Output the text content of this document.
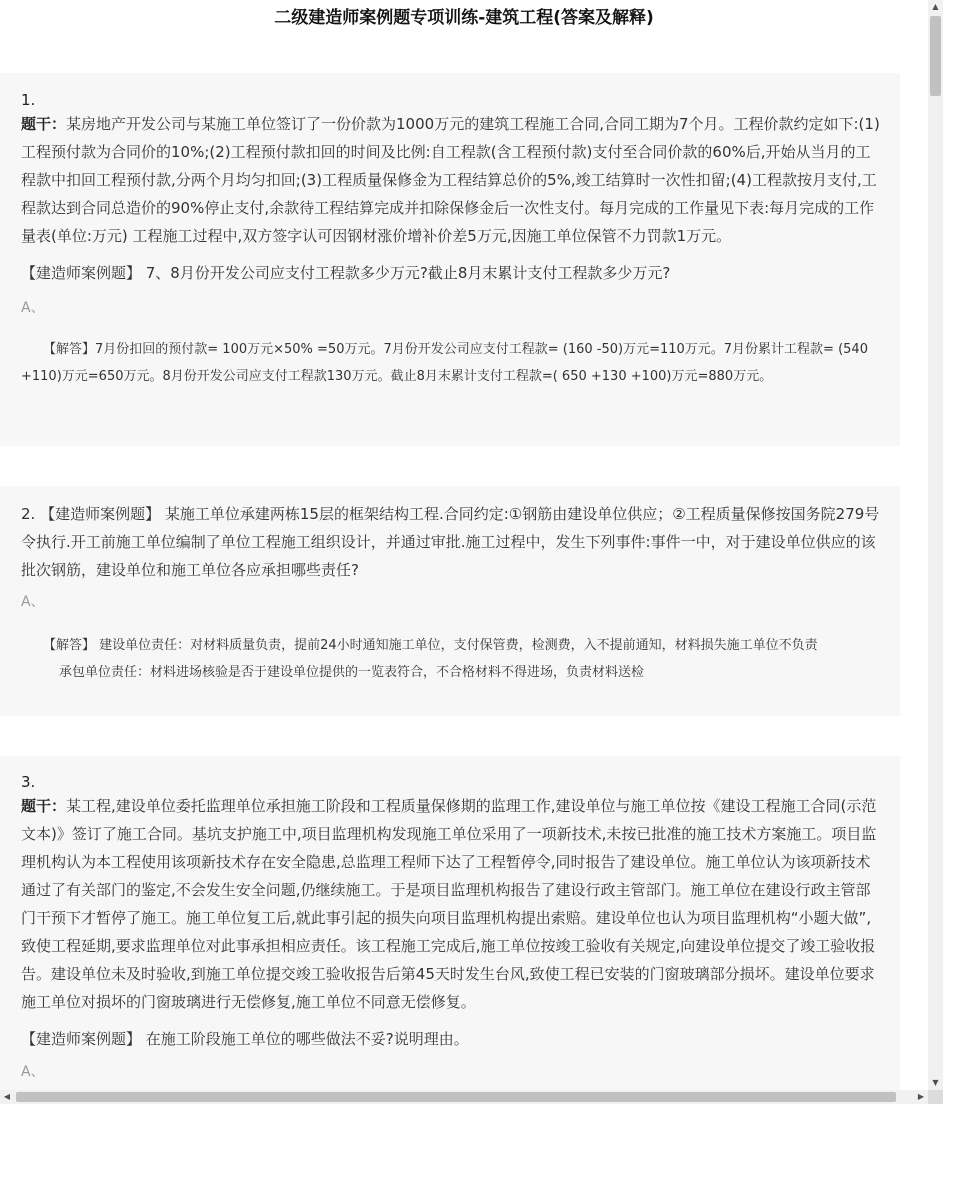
二级建造师案例题专项训练-建筑工程(答案及解释)
1.

题干：某房地产开发公司与某施工单位签订了一份价款为1000万元的建筑工程施工合同,合同工期为7个月。工程价款约定如下:(1)工程预付款为合同价的10%;(2)工程预付款扣回的时间及比例:自工程款(含工程预付款)支付至合同价款的60%后,开始从当月的工程款中扣回工程预付款,分两个月均匀扣回;(3)工程质量保修金为工程结算总价的5%,竣工结算时一次性扣留;(4)工程款按月支付,工程款达到合同总造价的90%停止支付,余款待工程结算完成并扣除保修金后一次性支付。每月完成的工作量见下表:每月完成的工作量表(单位:万元) 工程施工过程中,双方签字认可因钢材涨价增补价差5万元,因施工单位保管不力罚款1万元。

【建造师案例题】 7、8月份开发公司应支付工程款多少万元?截止8月末累计支付工程款多少万元?
A、
【解答】7月份扣回的预付款= 100万元×50% =50万元。7月份开发公司应支付工程款= (160 -50)万元=110万元。7月份累计工程款= (540 +110)万元=650万元。8月份开发公司应支付工程款130万元。截止8月末累计支付工程款=( 650 +130 +100)万元=880万元。
2. 【建造师案例题】 某施工单位承建两栋15层的框架结构工程.合同约定:①钢筋由建设单位供应；②工程质量保修按国务院279号令执行.开工前施工单位编制了单位工程施工组织设计，并通过审批.施工过程中，发生下列事件:事件一中，对于建设单位供应的该批次钢筋，建设单位和施工单位各应承担哪些责任?
A、
【解答】 建设单位责任：对材料质量负责，提前24小时通知施工单位，支付保管费，检测费，入不提前通知，材料损失施工单位不负责
承包单位责任：材料进场核验是否于建设单位提供的一览表符合，不合格材料不得进场，负责材料送检
3.

题干：某工程,建设单位委托监理单位承担施工阶段和工程质量保修期的监理工作,建设单位与施工单位按《建设工程施工合同(示范文本)》签订了施工合同。基坑支护施工中,项目监理机构发现施工单位采用了一项新技术,未按已批准的施工技术方案施工。项目监理机构认为本工程使用该项新技术存在安全隐患,总监理工程师下达了工程暂停令,同时报告了建设单位。施工单位认为该项新技术通过了有关部门的鉴定,不会发生安全问题,仍继续施工。于是项目监理机构报告了建设行政主管部门。施工单位在建设行政主管部门干预下才暂停了施工。施工单位复工后,就此事引起的损失向项目监理机构提出索赔。建设单位也认为项目监理机构“小题大做”,致使工程延期,要求监理单位对此事承担相应责任。该工程施工完成后,施工单位按竣工验收有关规定,向建设单位提交了竣工验收报告。建设单位未及时验收,到施工单位提交竣工验收报告后第45天时发生台风,致使工程已安装的门窗玻璃部分损坏。建设单位要求施工单位对损坏的门窗玻璃进行无偿修复,施工单位不同意无偿修复。

【建造师案例题】 在施工阶段施工单位的哪些做法不妥?说明理由。
A、
▲
▼
◀	▶
